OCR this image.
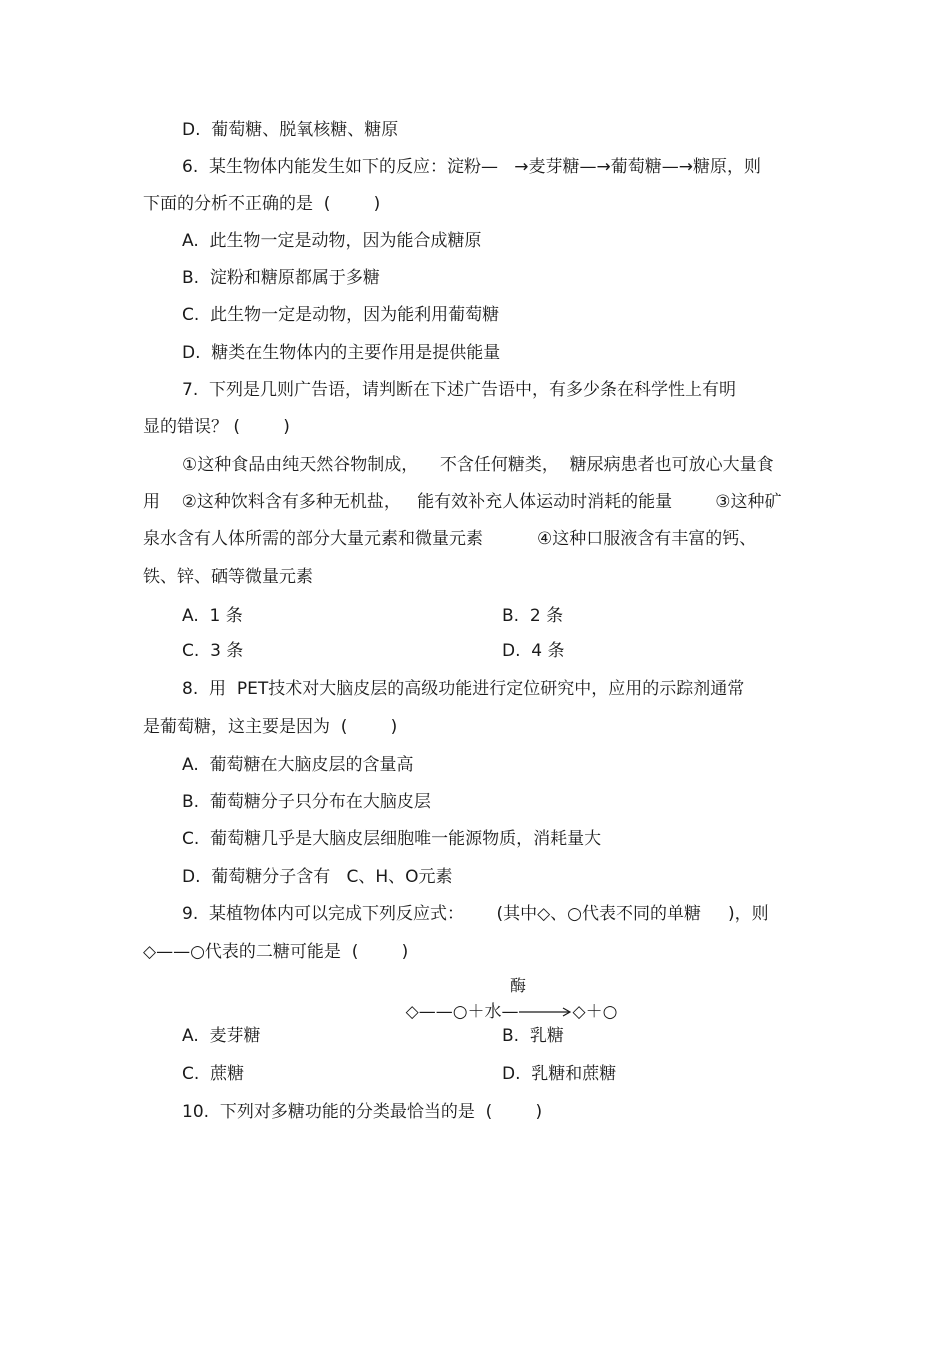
D.  葡萄糖、脱氧核糖、糖原
6.  某生物体内能发生如下的反应：淀粉—   →麦芽糖—→葡萄糖—→糖原，则
下面的分析不正确的是  (        )
A.  此生物一定是动物，因为能合成糖原
B.  淀粉和糖原都属于多糖
C.  此生物一定是动物，因为能利用葡萄糖
D.  糖类在生物体内的主要作用是提供能量
7.  下列是几则广告语，请判断在下述广告语中，有多少条在科学性上有明
显的错误？ (        )
①这种食品由纯天然谷物制成，    不含任何糖类，  糖尿病患者也可放心大量食
用    ②这种饮料含有多种无机盐，   能有效补充人体运动时消耗的能量        ③这种矿
泉水含有人体所需的部分大量元素和微量元素          ④这种口服液含有丰富的钙、
铁、锌、硒等微量元素
A.  1 条	B.  2 条
C.  3 条	D.  4 条
8.  用  PET技术对大脑皮层的高级功能进行定位研究中，应用的示踪剂通常
是葡萄糖，这主要是因为  (        )
A.  葡萄糖在大脑皮层的含量高
B.  葡萄糖分子只分布在大脑皮层
C.  葡萄糖几乎是大脑皮层细胞唯一能源物质，消耗量大
D.  葡萄糖分子含有   C、H、O元素
9.  某植物体内可以完成下列反应式：      (其中◇、○代表不同的单糖     )，则
◇——○代表的二糖可能是  (        )

◇——○＋水—→◇＋○

酶

A.  麦芽糖	B.  乳糖
C.  蔗糖	D.  乳糖和蔗糖
10.  下列对多糖功能的分类最恰当的是  (        )
